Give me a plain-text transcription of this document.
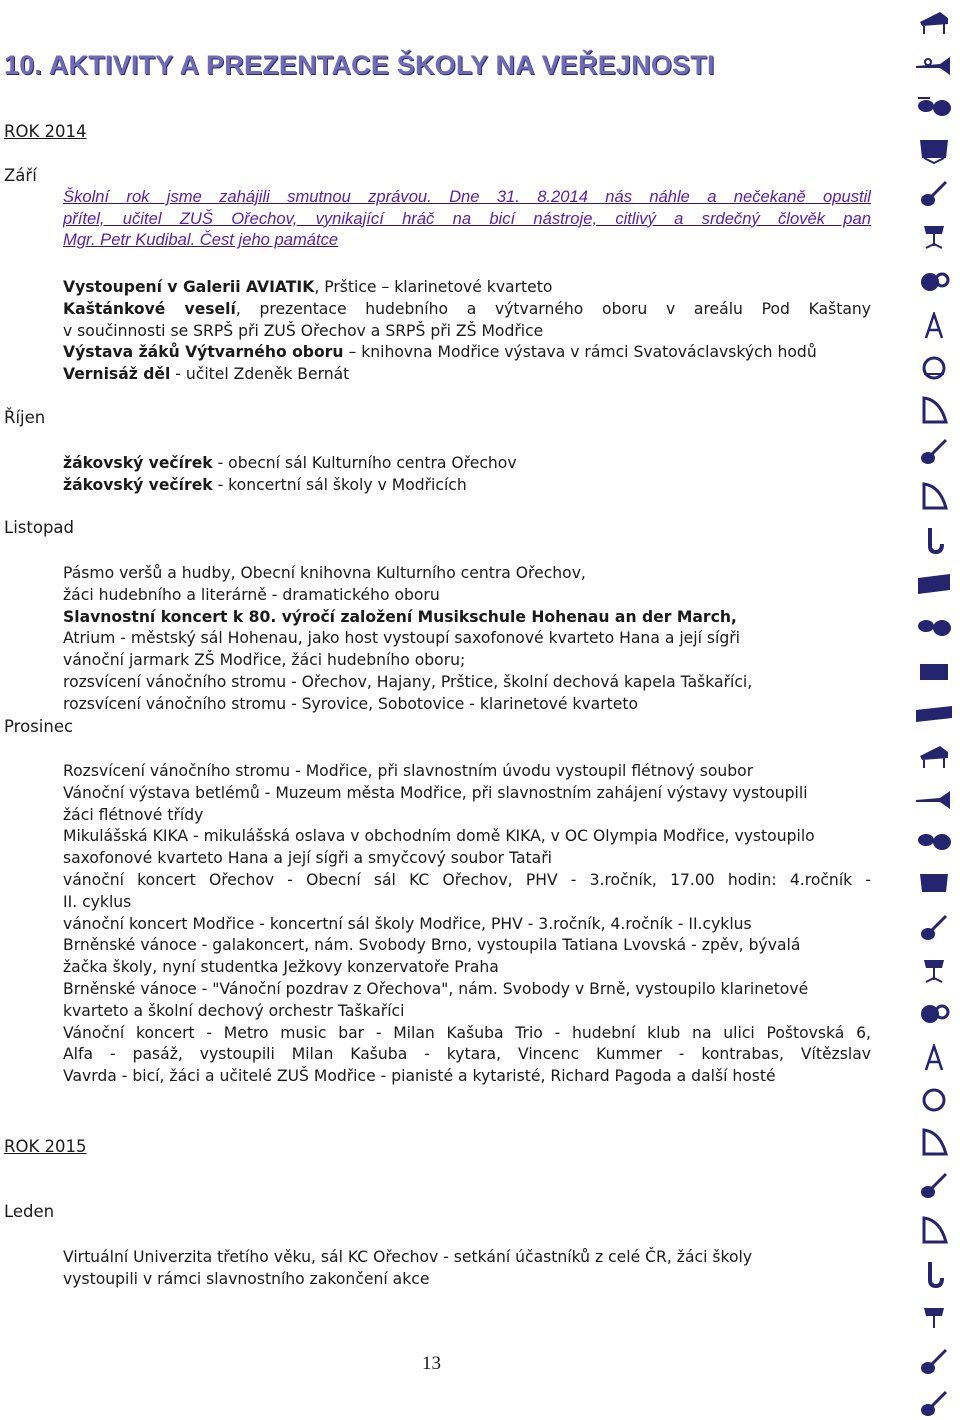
10. AKTIVITY A PREZENTACE ŠKOLY NA VEŘEJNOSTI
ROK 2014
Září
Školní rok jsme zahájili smutnou zprávou. Dne 31. 8.2014 nás náhle a nečekaně opustil
přítel, učitel ZUŠ Ořechov, vynikající hráč na bicí nástroje, citlivý a srdečný člověk pan
Mgr. Petr Kudibal. Čest jeho památce
Vystoupení v Galerii AVIATIK, Prštice – klarinetové kvarteto
Kaštánkové veselí, prezentace hudebního a výtvarného oboru v areálu Pod Kaštany
v součinnosti se SRPŠ při ZUŠ Ořechov a SRPŠ při ZŠ Modřice
Výstava žáků Výtvarného oboru – knihovna Modřice výstava v rámci Svatováclavských hodů
Vernisáž děl - učitel Zdeněk Bernát
Říjen
žákovský večírek - obecní sál Kulturního centra Ořechov
žákovský večírek - koncertní sál školy v Modřicích
Listopad
Pásmo veršů a hudby, Obecní knihovna Kulturního centra Ořechov,
žáci hudebního a literárně - dramatického oboru
Slavnostní koncert k 80. výročí založení Musikschule Hohenau an der March,
Atrium - městský sál Hohenau, jako host vystoupí saxofonové kvarteto Hana a její sígři
vánoční jarmark ZŠ Modřice, žáci hudebního oboru;
rozsvícení vánočního stromu - Ořechov, Hajany, Prštice, školní dechová kapela Taškaříci,
rozsvícení vánočního stromu - Syrovice, Sobotovice - klarinetové kvarteto
Prosinec
Rozsvícení vánočního stromu - Modřice, při slavnostním úvodu vystoupil flétnový soubor
Vánoční výstava betlémů - Muzeum města Modřice, při slavnostním zahájení výstavy vystoupili
žáci flétnové třídy
Mikulášská KIKA - mikulášská oslava v obchodním domě KIKA, v OC Olympia Modřice, vystoupilo
saxofonové kvarteto Hana a její sígři a smyčcový soubor Tataři
vánoční koncert Ořechov - Obecní sál KC Ořechov, PHV - 3.ročník, 17.00 hodin: 4.ročník -
II. cyklus
vánoční koncert Modřice - koncertní sál školy Modřice, PHV - 3.ročník, 4.ročník - II.cyklus
Brněnské vánoce - galakoncert, nám. Svobody Brno, vystoupila Tatiana Lvovská - zpěv, bývalá
žačka školy, nyní studentka Ježkovy konzervatoře Praha
Brněnské vánoce - "Vánoční pozdrav z Ořechova", nám. Svobody v Brně, vystoupilo klarinetové
kvarteto a školní dechový orchestr Taškaříci
Vánoční koncert - Metro music bar - Milan Kašuba Trio - hudební klub na ulici Poštovská 6,
Alfa - pasáž, vystoupili Milan Kašuba - kytara, Vincenc Kummer - kontrabas, Vítězslav
Vavrda - bicí, žáci a učitelé ZUŠ Modřice - pianisté a kytaristé, Richard Pagoda a další hosté
ROK 2015
Leden
Virtuální Univerzita třetího věku, sál KC Ořechov - setkání účastníků z celé ČR, žáci školy
vystoupili v rámci slavnostního zakončení akce
13
